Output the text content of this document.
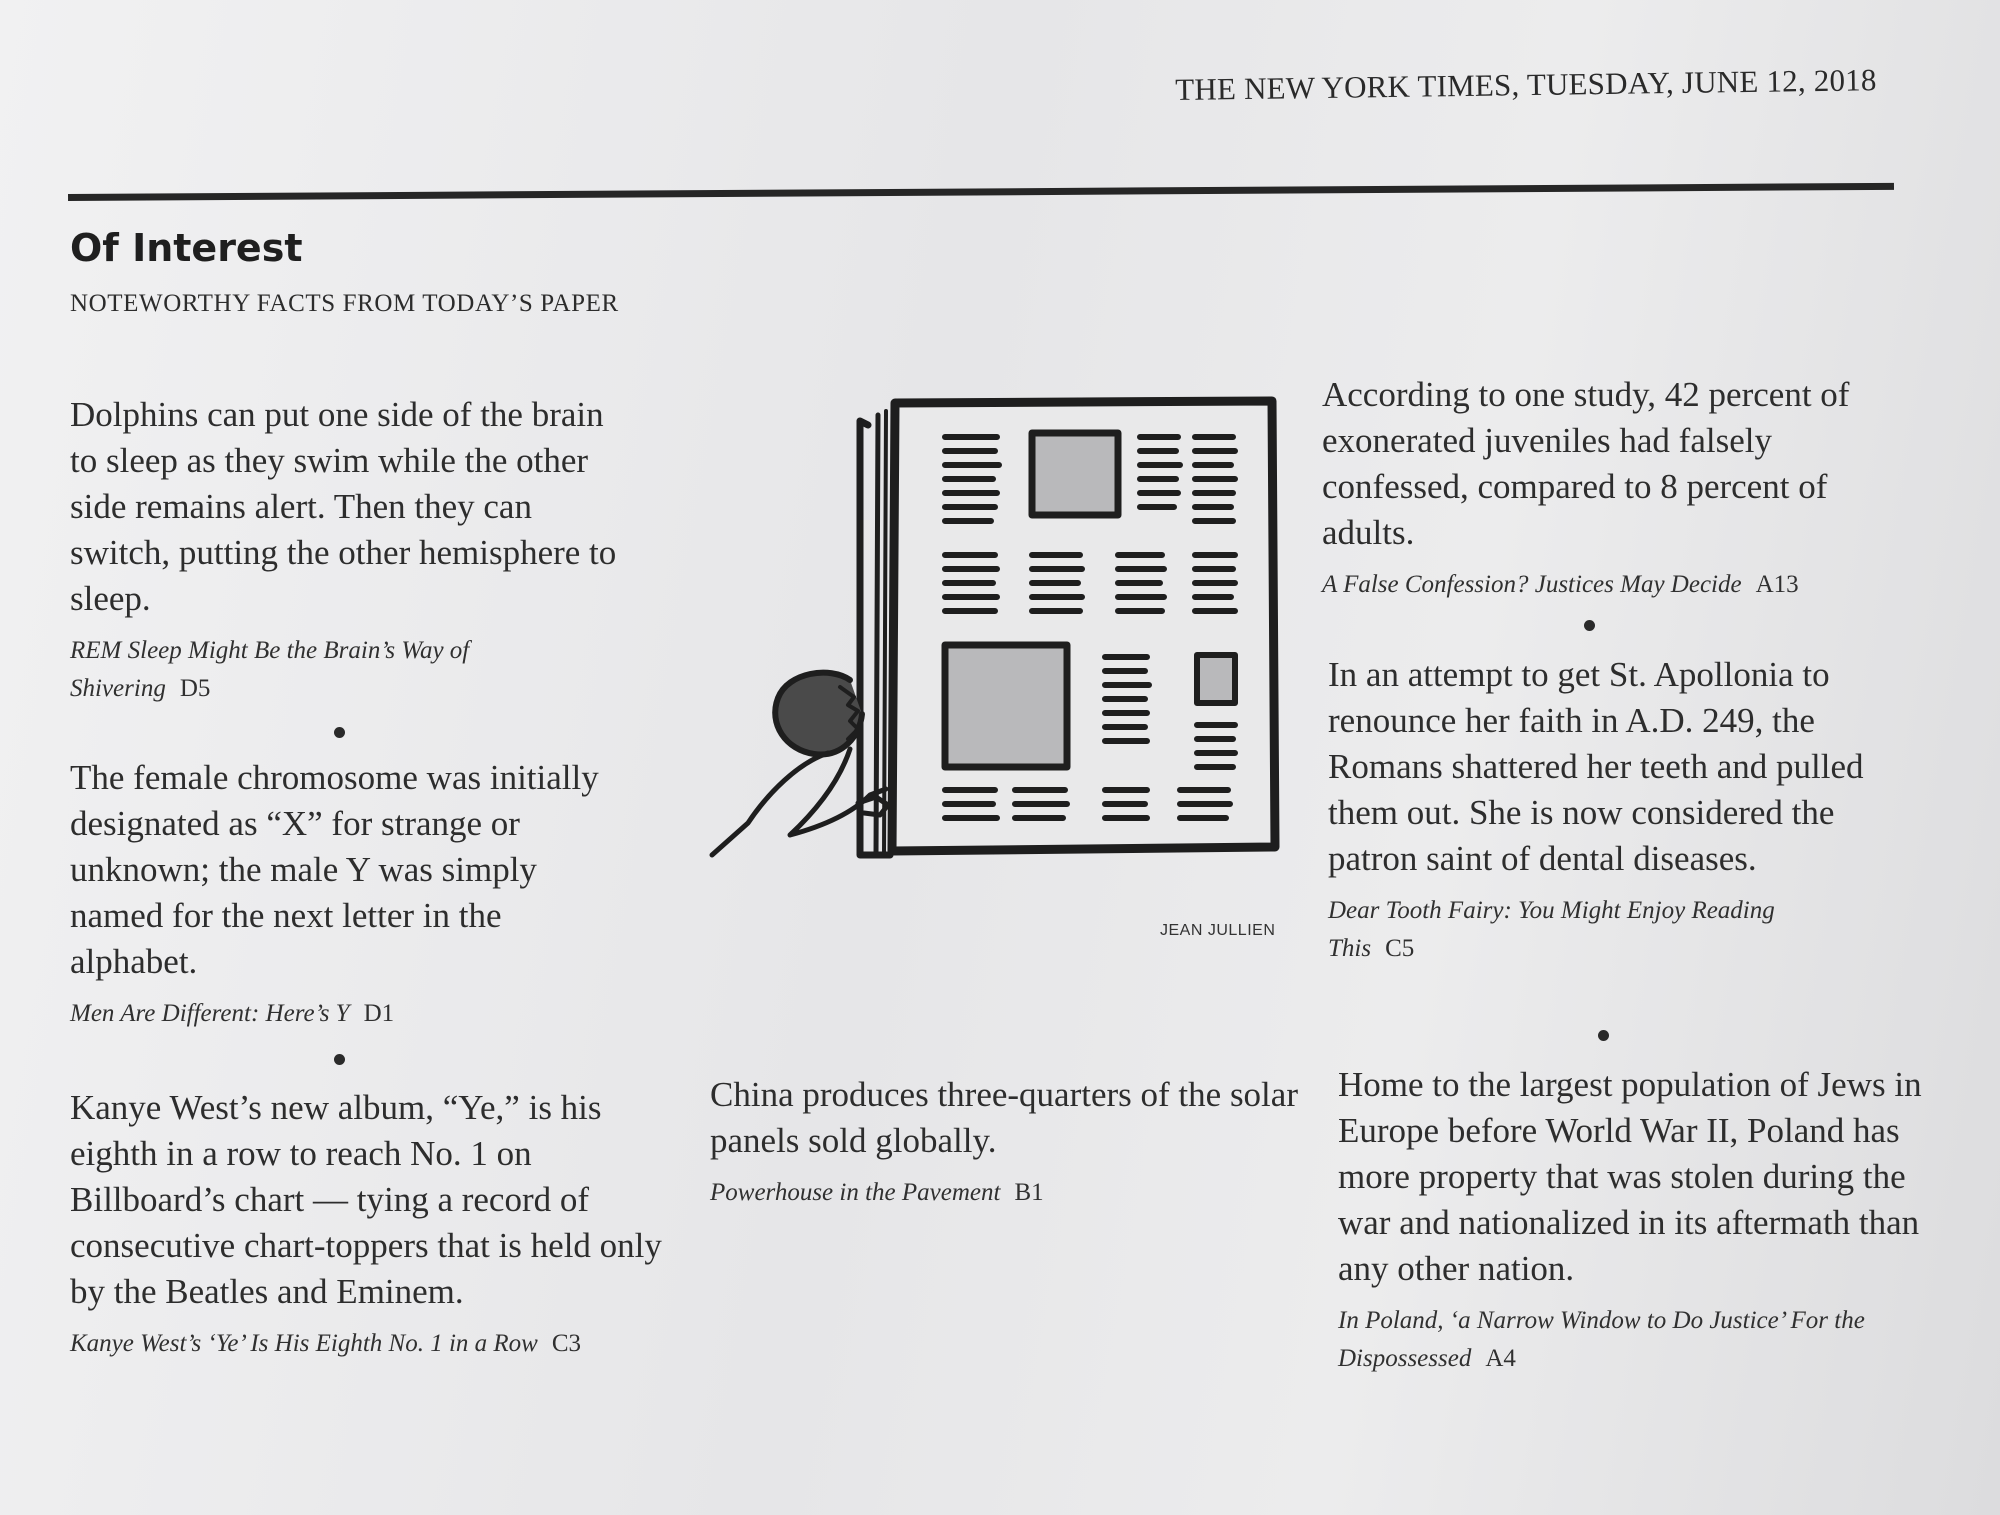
THE NEW YORK TIMES, TUESDAY, JUNE 12, 2018
Of Interest
NOTEWORTHY FACTS FROM TODAY’S PAPER

Dolphins can put one side of the brain to sleep as they swim while the other side remains alert. Then they can switch, putting the other hemisphere to sleep.

REM Sleep Might Be the Brain’s Way of Shivering D5

The female chromosome was initially designated as “X” for strange or unknown; the male Y was simply named for the next letter in the alphabet.

Men Are Different: Here’s Y D1

Kanye West’s new album, “Ye,” is his eighth in a row to reach No. 1 on Billboard’s chart — tying a record of consecutive chart-toppers that is held only by the Beatles and Eminem.

Kanye West’s ‘Ye’ Is His Eighth No. 1 in a Row C3

China produces three-quarters of the solar panels sold globally.

Powerhouse in the Pavement B1

According to one study, 42 percent of exonerated juveniles had falsely confessed, compared to 8 percent of adults.

A False Confession? Justices May Decide A13

In an attempt to get St. Apollonia to renounce her faith in A.D. 249, the Romans shattered her teeth and pulled them out. She is now considered the patron saint of dental diseases.

Dear Tooth Fairy: You Might Enjoy Reading This C5

Home to the largest population of Jews in Europe before World War II, Poland has more property that was stolen during the war and nationalized in its aftermath than any other nation.

In Poland, ‘a Narrow Window to Do Justice’ For the Dispossessed A4
JEAN JULLIEN
